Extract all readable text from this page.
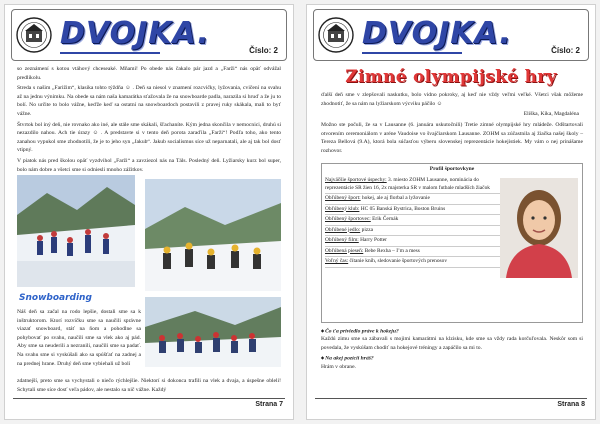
DVOJKA.	Číslo: 2

so zeznámení s kotou vtáhový chceseaké. Mňami! Po obede nás čakalo pár jazd a „Farži“ nás opäť odvážal predlikolu.

Streda s našim „Farižim“, klasika tohto týždňa ☺ . Deň sa niesol v znamení rozcvičky, lyžovania, cvičení na svahu až na jednu výnimku. Na obede sa nám naša kamarátka sťažovala že na snowboarde padla, narazila si hruď a že ju to bolí. No určite to bolo vážne, keďže keď sa ostatní na snowboardoch postavili z pravej ruky skákala, mali to byť vážne.

Štvrtok bol iný deň, nie rovnako ako iné, ale stále sme skákali, šľachaníte. Kým jedna skončila v nemocnici, druhú si nezazdilo nahou. Ach tie úrazy ☺ . A predstavte si v tento deň porota zaraďila „Farži“! Podľa toho, ako tento zanahou vypukol sme zhodnotili, že je to jeho syn „Jakub“. Jakub socialismus síce už neparnatali, ale aj tak bol dosť vtipný.

V piatok nás pred školou opäť vyzdvihol „Farži“ a zavziezol nás na Táls. Posledný deň. Lyžiarsky kurz bol super, bolo nám dobre a všetci sme si odniesli mnoho zážitkov.

Snowboarding

Náš deň sa začal na rodo lepšie, dostali sme sa k inštruktorom. Ktorí rozvíčku sme sa naučili správne viazať snowboard, stáť na ňom a pohodlne sa pohybovať po svahu, naučili sme sa vlek ako aj pád. Aby sme sa neuderili a nezranili, naučili sme sa padať. Na svahu sme si vyskúšali ako sa spúšťať na zadnej a na prednej hrane. Druhý deň sme vybiehali už bolí

zdatnejší, preto sme sa vychystali o niečo rýchlejšie. Niektorí si dokonca trafili na vlek a dvaja, a úspešne obleli! Schytali sme síce dosť veľa pádov, ale nestalo sa nič vážne. Každý

Strana 7
DVOJKA.	Číslo: 2
Zimné olympijské hry

ďalší deň sme v zlepšovali naskutku, bolo vidno pokroky, aj keď nie vždy veľmi veľké. Všetci však môžeme zhodnotiť, že sa nám na lyžiarskom výcviku páčilo ☺

Eliška, Kika, Magdaléna

Možno ste počuli, že sa v Lausanne (6. januára uskutočnili) Tretie zimné olympijské hry mládeže. Odštartovali otvorením ceremoniálom v aréne Vaudoise vo švajčiarskom Lausanne. ZOHM sa zúčastnila aj žiačka našej školy – Tereza Bellová (9.A), ktorá bola súčasťou výberu slovenskej reprezentácie hokejistiek. My vám o nej prinášame rozhovor.

Profil športovkyne
Najväčšie športové úspechy: 3. miesto ZOHM Lausanne, nominácia do reprezentácie SR žien 16, 2x majsterka SR v malom futbale mladších žiačok
Obľúbený šport: hokej, ale aj florbal a lyžovanie
Obľúbený klub: HC 05 Banská Bystrica, Boston Bruins
Obľúbený športovec: Erik Černák
Obľúbené jedlo: pizza
Obľúbený film: Harry Potter
Obľúbená pieseň: Bebe Rexha – I’m a mess
Voľný čas: čítanie kníh, sledovanie športových prenosov

◆ Čo ťa priviedlo práve k hokeju?

Každú zimu sme sa zábavali s mojimi kamarátmi na klzisku, kde sme sa vždy rada korčuľovala. Neskôr som si povedala, že vyskúšam chodiť na hokejové tréningy a zapáčilo sa mi to.

◆ Na akej pozícii hráš?

Hrám v obrane.

Strana 8
